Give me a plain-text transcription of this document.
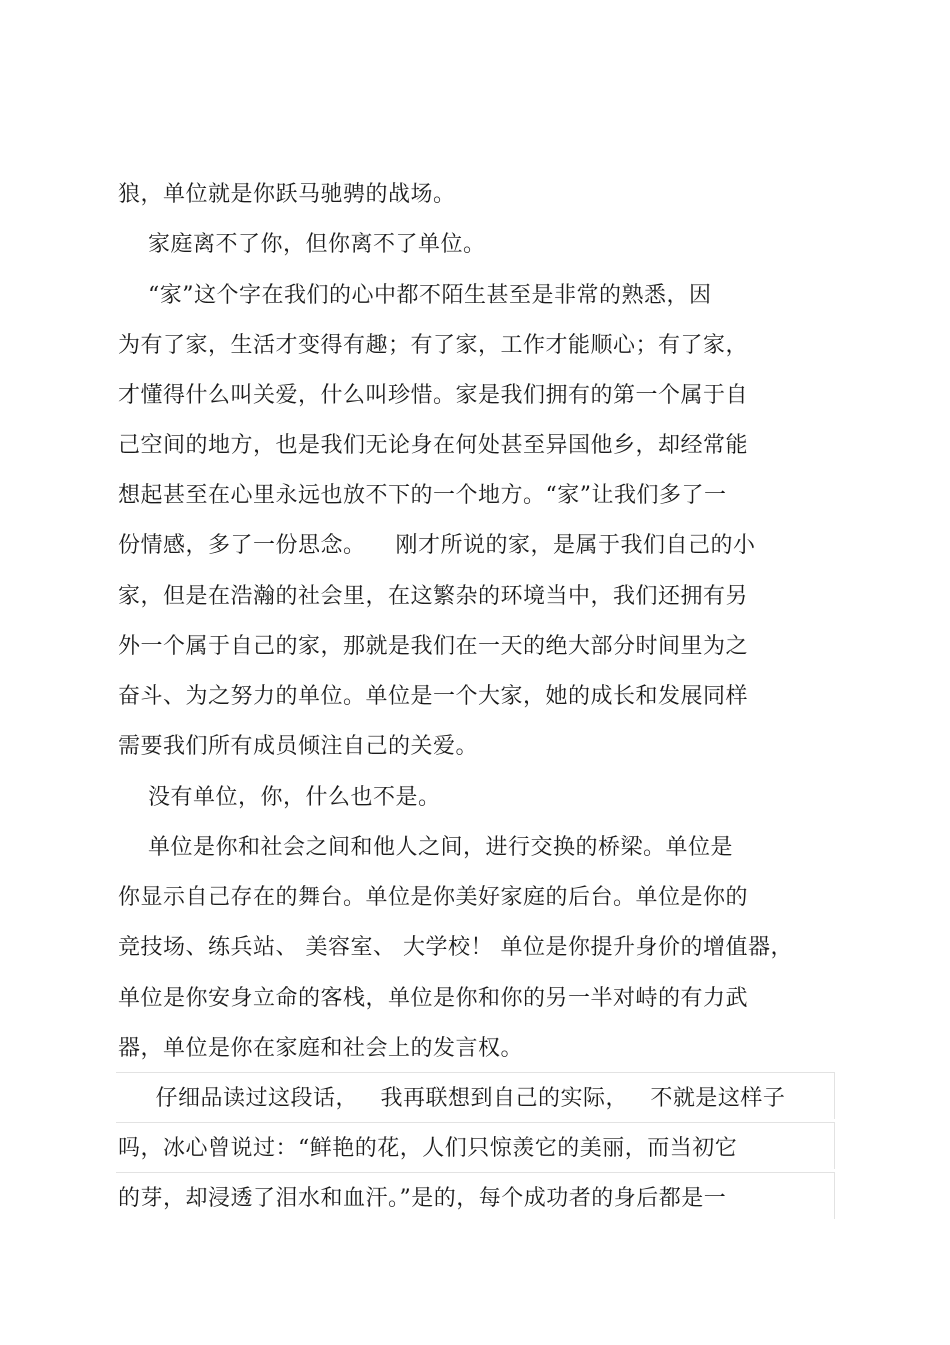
狼，单位就是你跃马驰骋的战场。
家庭离不了你，但你离不了单位。
“家”这个字在我们的心中都不陌生甚至是非常的熟悉，因
为有了家，生活才变得有趣；有了家，工作才能顺心；有了家，
才懂得什么叫关爱，什么叫珍惜。家是我们拥有的第一个属于自
己空间的地方，也是我们无论身在何处甚至异国他乡，却经常能
想起甚至在心里永远也放不下的一个地方。“家”让我们多了一
份情感，多了一份思念。    刚才所说的家，是属于我们自己的小
家，但是在浩瀚的社会里，在这繁杂的环境当中，我们还拥有另
外一个属于自己的家，那就是我们在一天的绝大部分时间里为之
奋斗、为之努力的单位。单位是一个大家，她的成长和发展同样
需要我们所有成员倾注自己的关爱。
没有单位，你，什么也不是。
单位是你和社会之间和他人之间，进行交换的桥梁。单位是
你显示自己存在的舞台。单位是你美好家庭的后台。单位是你的
竞技场、练兵站、 美容室、 大学校！ 单位是你提升身价的增值器，
单位是你安身立命的客栈，单位是你和你的另一半对峙的有力武
器，单位是你在家庭和社会上的发言权。
仔细品读过这段话，   我再联想到自己的实际，   不就是这样子
吗，冰心曾说过：“鲜艳的花，人们只惊羡它的美丽，而当初它
的芽，却浸透了泪水和血汗。”是的，每个成功者的身后都是一
